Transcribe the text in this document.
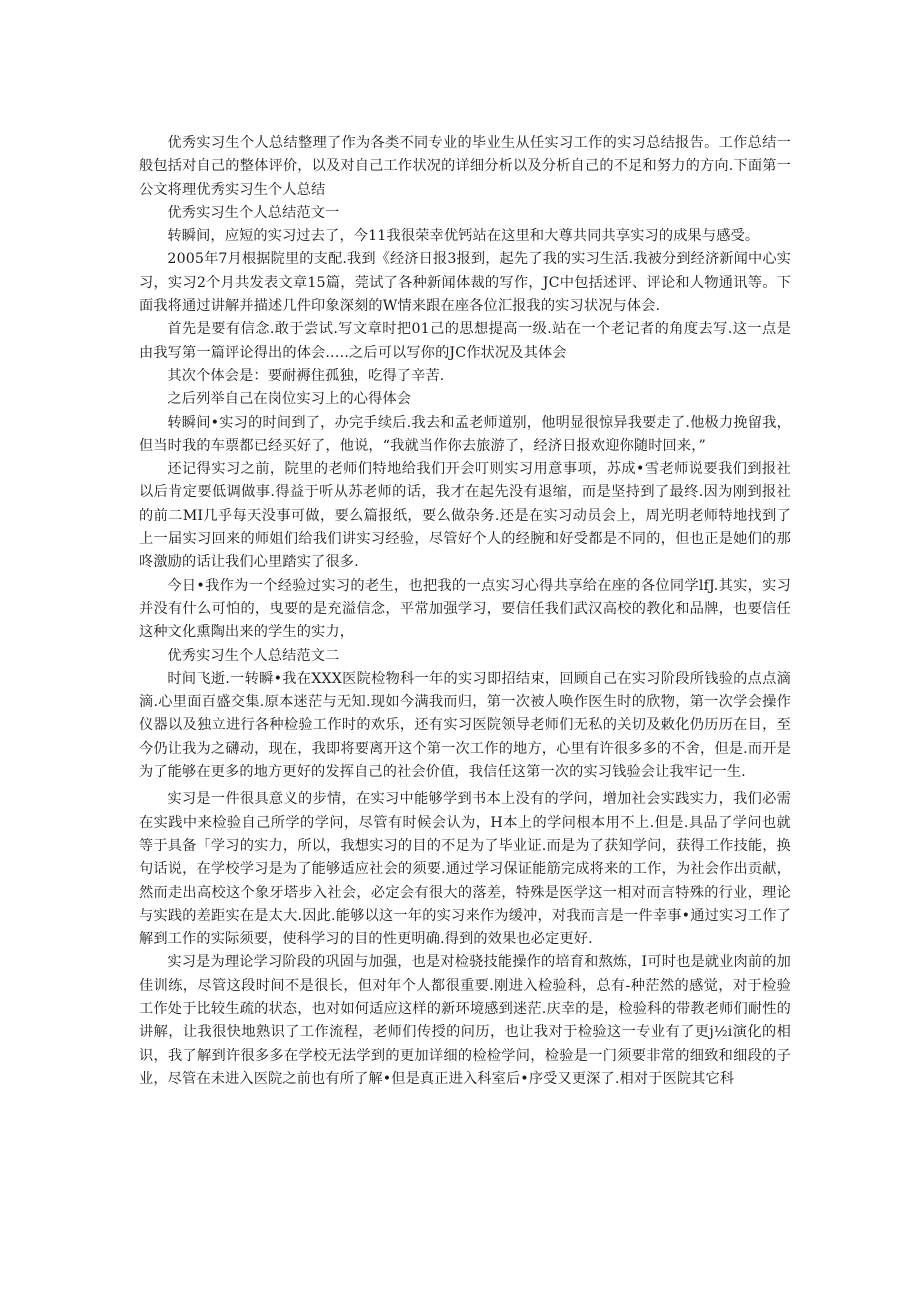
优秀实习生个人总结整理了作为各类不同专业的毕业生从任实习工作的实习总结报告。工作总结一般包括对自己的整体评价，以及对自己工作状况的详细分析以及分析自己的不足和努力的方向.下面第一公文将理优秀实习生个人总结

优秀实习生个人总结范文一

转瞬间，应短的实习过去了，今11我很荣幸优钙站在这里和大尊共同共享实习的成果与感受。

2005年7月根据院里的支配.我到《经济日报3报到，起先了我的实习生活.我被分到经济新闻中心实习，实习2个月共发表文章15篇，莞试了各种新闻体裁的写作，JC中包括述评、评论和人物通讯等。下面我将通过讲解并描述几件印象深刻的W情来跟在座各位汇报我的实习状况与体会.

首先是要有信念.敢于尝试.写文章时把01己的思想提高一级.站在一个老记者的角度去写.这一点是由我写第一篇评论得出的体会..…之后可以写你的JC作状况及其体会

其次个体会是：要耐褥住孤独，吃得了辛苦.

之后列举自己在岗位实习上的心得体会

转瞬间•实习的时间到了，办完手续后.我去和孟老师道别，他明显很惊异我要走了.他极力挽留我，但当时我的车票都已经买好了，他说，“我就当作你去旅游了，经济日报欢迎你随时回来，”

还记得实习之前，院里的老师们特地给我们开会叮则实习用意事项，苏成•雪老师说要我们到报社以后肯定要低调做事.得益于听从苏老师的话，我才在起先没有退缩，而是坚持到了最终.因为刚到报社的前二MI几乎每天没事可做，要么篇报纸，要么做杂务.还是在实习动员会上，周光明老师特地找到了上一届实习回来的师姐们给我们讲实习经验，尽管好个人的经腕和好受都是不同的，但也正是她们的那咚激励的话让我们心里踏实了很多.

今日•我作为一个经验过实习的老生，也把我的一点实习心得共享给在座的各位同学lfJ.其实，实习并没有什么可怕的，曳要的是充溢信念，平常加强学习，要信任我们武汉高校的教化和品牌，也要信任这种文化熏陶出来的学生的实力，

优秀实习生个人总结范文二

时间飞逝.一转瞬•我在XXX医院检物科一年的实习即招结束，回顾自己在实习阶段所钱验的点点滴滴.心里面百盛交集.原本迷茫与无知.现如今满我而归，第一次被人唤作医生时的欣物，第一次学会操作仪器以及独立进行各种检验工作时的欢乐，还有实习医院领导老师们无私的关切及敕化仍历历在目，至今仍让我为之礴动，现在，我即将要离开这个第一次工作的地方，心里有许很多多的不舍，但是.而开是为了能够在更多的地方更好的发挥自己的社会价值，我信任这第一次的实习钱验会让我牢记一生.

实习是一件很具意义的步情，在实习中能够学到书本上没有的学问，增加社会实践实力，我们必需在实践中来检验自己所学的学问，尽管有时候会认为，H本上的学问根本用不上.但是.具品了学问也就等于具备「学习的实力，所以，我想实习的目的不足为了毕业证.而是为了获知学问，获得工作技能，换句话说，在学校学习是为了能够适应社会的须要.通过学习保证能筋完成将来的工作，为社会作出贡献，然而走出高校这个象牙塔步入社会，必定会有很大的落差，特殊是医学这一相对而言特殊的行业，理论与实践的差距实在是太大.因此.能够以这一年的实习来作为缓冲，对我而言是一件幸事•通过实习工作了解到工作的实际须要，使科学习的目的性更明确.得到的效果也必定更好.

实习是为理论学习阶段的巩固与加强，也是对检骁技能操作的培育和熬炼，I可时也是就业肉前的加佳训练，尽管这段时间不是很长，但对年个人都很重要.刚进入检验科，总有-种茫然的感觉，对于检验工作处于比较生疏的状态，也对如何适应这样的新环境感到迷茫.庆幸的是，检验科的带教老师们耐性的讲解，让我很快地熟识了工作流程，老师们传授的问历，也让我对于检验这一专业有了更j½i演化的相识，我了解到许很多多在学校无法学到的更加详细的检检学问，检验是一门须要非常的细致和细段的子业，尽管在未进入医院之前也有所了解•但是真正进入科室后•序受又更深了.相对于医院其它科
